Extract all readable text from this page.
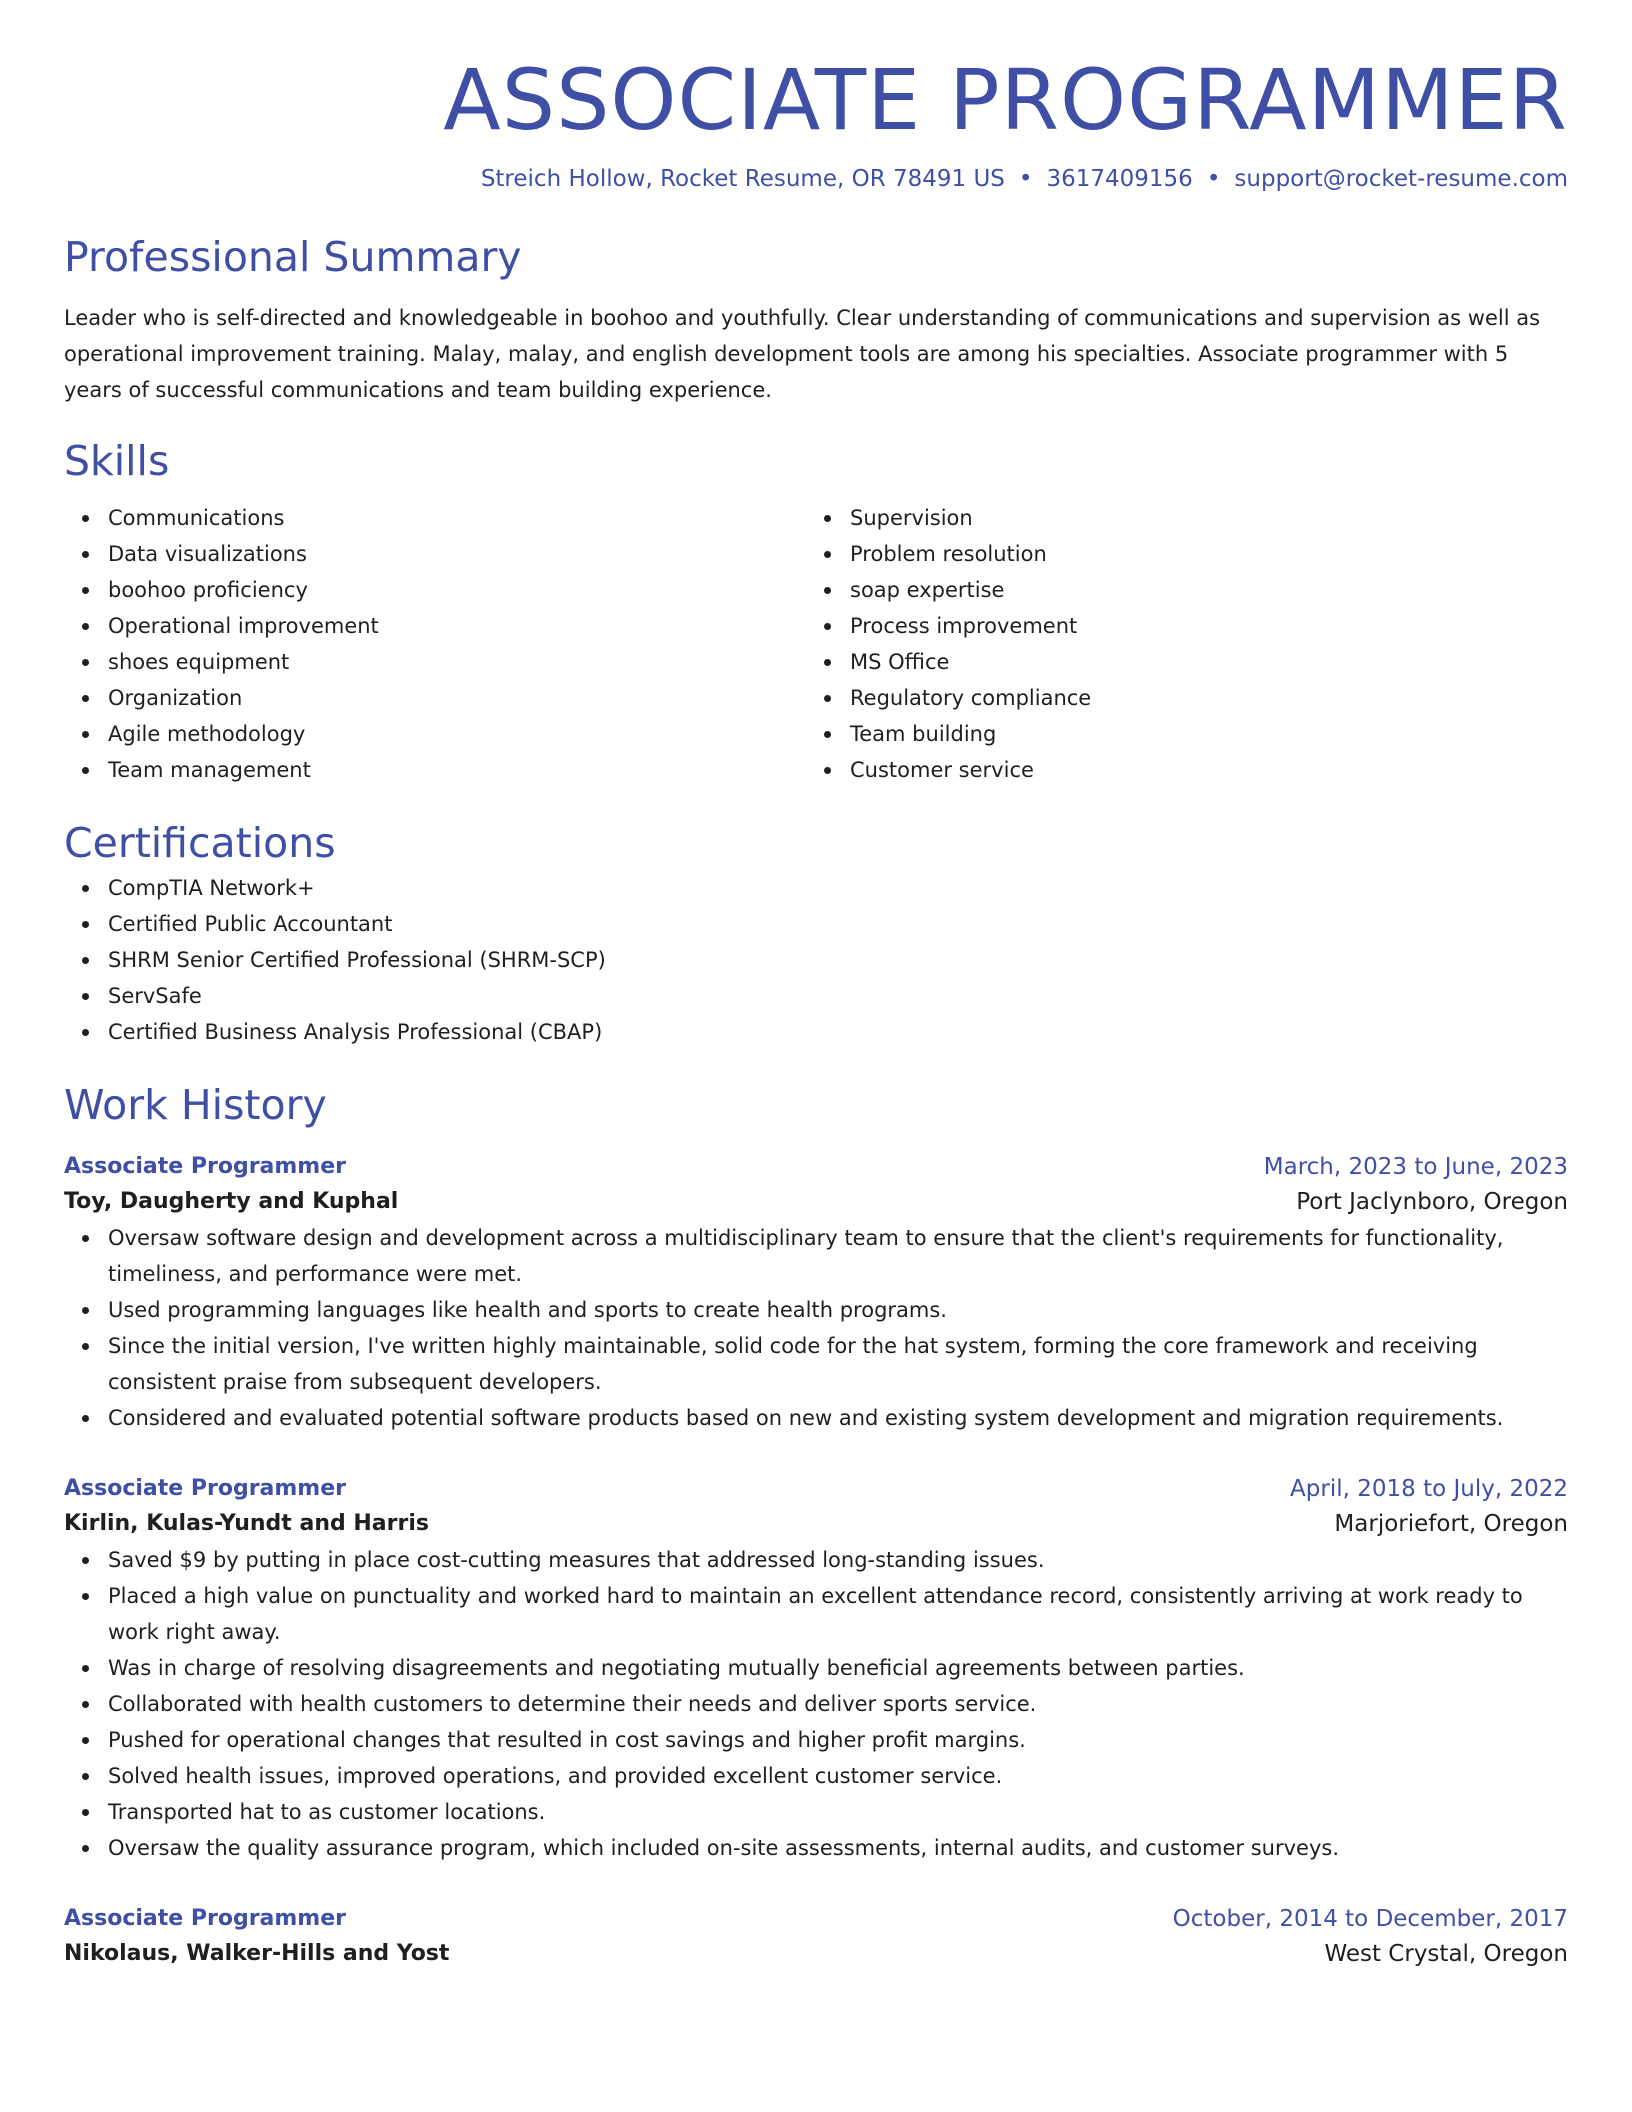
ASSOCIATE PROGRAMMER
Streich Hollow, Rocket Resume, OR 78491 US • 3617409156 • support@rocket-resume.com
Professional Summary

Leader who is self-directed and knowledgeable in boohoo and youthfully. Clear understanding of communications and supervision as well as operational improvement training. Malay, malay, and english development tools are among his specialties. Associate programmer with 5 years of successful communications and team building experience.

Skills
Communications
Data visualizations
boohoo proficiency
Operational improvement
shoes equipment
Organization
Agile methodology
Team management
Supervision
Problem resolution
soap expertise
Process improvement
MS Office
Regulatory compliance
Team building
Customer service
Certifications
CompTIA Network+
Certified Public Accountant
SHRM Senior Certified Professional (SHRM-SCP)
ServSafe
Certified Business Analysis Professional (CBAP)
Work History
Associate Programmer	March, 2023 to June, 2023
Toy, Daugherty and Kuphal	Port Jaclynboro, Oregon
Oversaw software design and development across a multidisciplinary team to ensure that the client's requirements for functionality, timeliness, and performance were met.
Used programming languages like health and sports to create health programs.
Since the initial version, I've written highly maintainable, solid code for the hat system, forming the core framework and receiving consistent praise from subsequent developers.
Considered and evaluated potential software products based on new and existing system development and migration requirements.
Associate Programmer	April, 2018 to July, 2022
Kirlin, Kulas-Yundt and Harris	Marjoriefort, Oregon
Saved $9 by putting in place cost-cutting measures that addressed long-standing issues.
Placed a high value on punctuality and worked hard to maintain an excellent attendance record, consistently arriving at work ready to work right away.
Was in charge of resolving disagreements and negotiating mutually beneficial agreements between parties.
Collaborated with health customers to determine their needs and deliver sports service.
Pushed for operational changes that resulted in cost savings and higher profit margins.
Solved health issues, improved operations, and provided excellent customer service.
Transported hat to as customer locations.
Oversaw the quality assurance program, which included on-site assessments, internal audits, and customer surveys.
Associate Programmer	October, 2014 to December, 2017
Nikolaus, Walker-Hills and Yost	West Crystal, Oregon
